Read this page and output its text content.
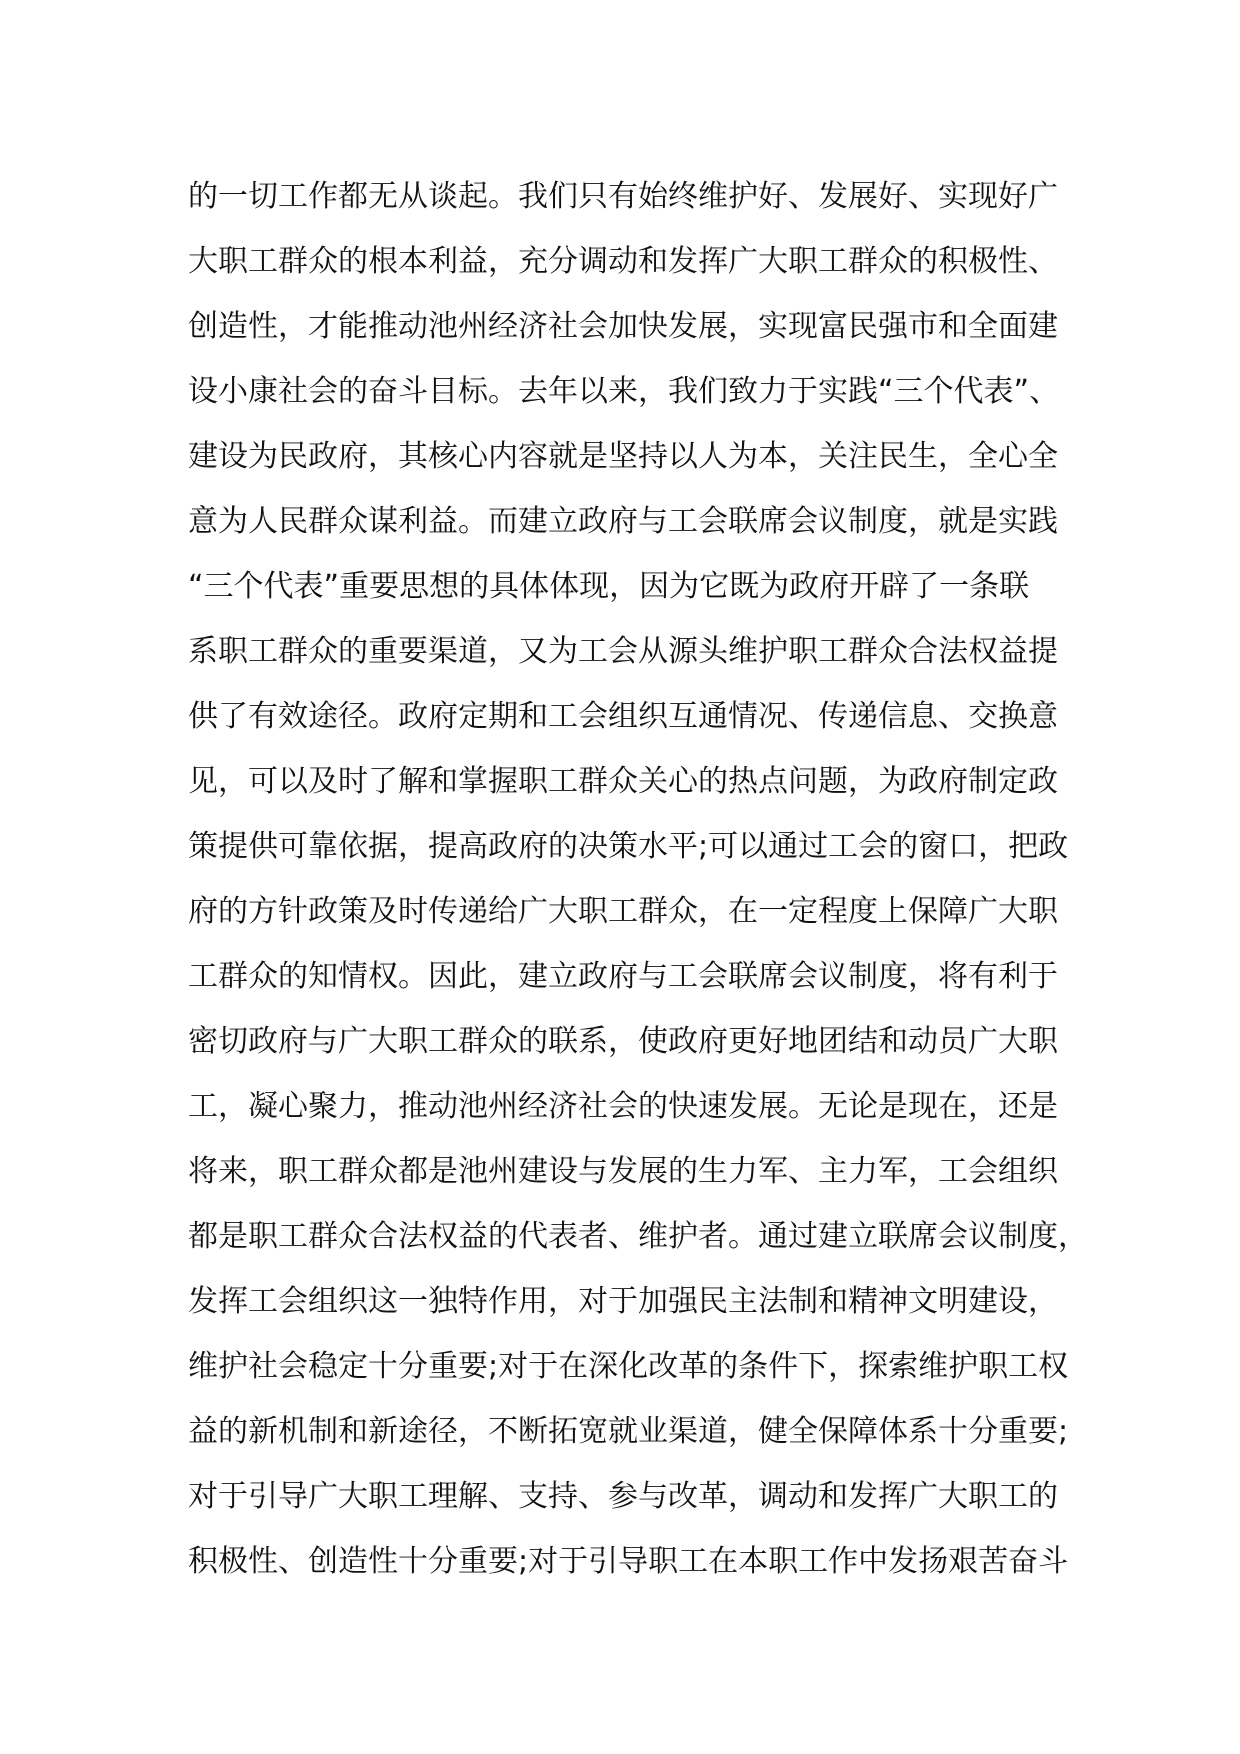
的一切工作都无从谈起。我们只有始终维护好、发展好、实现好广
大职工群众的根本利益，充分调动和发挥广大职工群众的积极性、
创造性，才能推动池州经济社会加快发展，实现富民强市和全面建
设小康社会的奋斗目标。去年以来，我们致力于实践“三个代表”、
建设为民政府，其核心内容就是坚持以人为本，关注民生，全心全
意为人民群众谋利益。而建立政府与工会联席会议制度，就是实践
“三个代表”重要思想的具体体现，因为它既为政府开辟了一条联
系职工群众的重要渠道，又为工会从源头维护职工群众合法权益提
供了有效途径。政府定期和工会组织互通情况、传递信息、交换意
见，可以及时了解和掌握职工群众关心的热点问题，为政府制定政
策提供可靠依据，提高政府的决策水平;可以通过工会的窗口，把政
府的方针政策及时传递给广大职工群众，在一定程度上保障广大职
工群众的知情权。因此，建立政府与工会联席会议制度，将有利于
密切政府与广大职工群众的联系，使政府更好地团结和动员广大职
工，凝心聚力，推动池州经济社会的快速发展。无论是现在，还是
将来，职工群众都是池州建设与发展的生力军、主力军，工会组织
都是职工群众合法权益的代表者、维护者。通过建立联席会议制度，
发挥工会组织这一独特作用，对于加强民主法制和精神文明建设，
维护社会稳定十分重要;对于在深化改革的条件下，探索维护职工权
益的新机制和新途径，不断拓宽就业渠道，健全保障体系十分重要;
对于引导广大职工理解、支持、参与改革，调动和发挥广大职工的
积极性、创造性十分重要;对于引导职工在本职工作中发扬艰苦奋斗
